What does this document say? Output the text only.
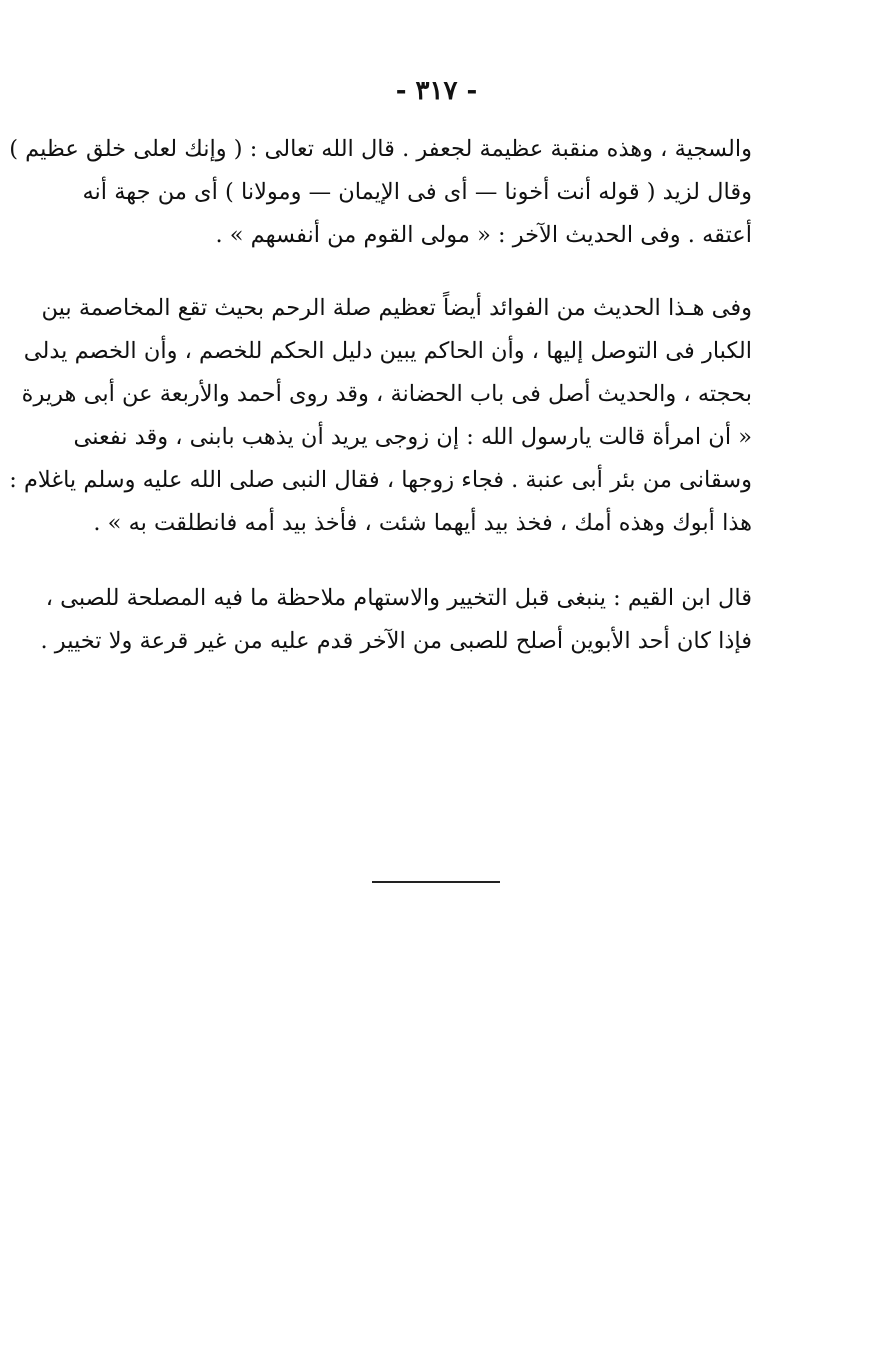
- ٣١٧ -
والسجية ، وهذه منقبة عظيمة لجعفر . قال الله تعالى : ( وإنك لعلى خلق عظيم )
وقال لزيد ( قوله أنت أخونا — أى فى الإيمان — ومولانا ) أى من جهة أنه
أعتقه . وفى الحديث الآخر : « مولى القوم من أنفسهم » .
وفى هـذا الحديث من الفوائد أيضاً تعظيم صلة الرحم بحيث تقع المخاصمة بين
الكبار فى التوصل إليها ، وأن الحاكم يبين دليل الحكم للخصم ، وأن الخصم يدلى
بحجته ، والحديث أصل فى باب الحضانة ، وقد روى أحمد والأربعة عن أبى هريرة
« أن امرأة قالت يارسول الله : إن زوجى يريد أن يذهب بابنى ، وقد نفعنى
وسقانى من بئر أبى عنبة . فجاء زوجها ، فقال النبى صلى الله عليه وسلم ياغلام :
هذا أبوك وهذه أمك ، فخذ بيد أيهما شئت ، فأخذ بيد أمه فانطلقت به » .
قال ابن القيم : ينبغى قبل التخيير والاستهام ملاحظة ما فيه المصلحة للصبى ،
فإذا كان أحد الأبوين أصلح للصبى من الآخر قدم عليه من غير قرعة ولا تخيير .
